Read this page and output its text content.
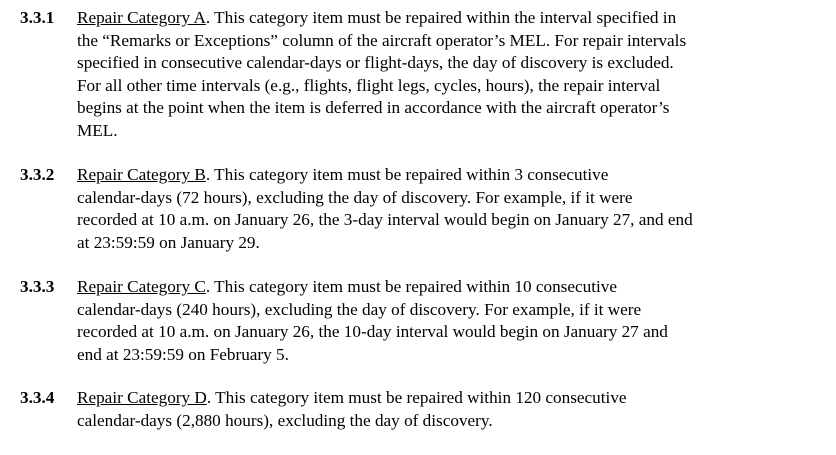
3.3.1 Repair Category A. This category item must be repaired within the interval specified in
the “Remarks or Exceptions” column of the aircraft operator’s MEL. For repair intervals
specified in consecutive calendar-days or flight-days, the day of discovery is excluded.
For all other time intervals (e.g., flights, flight legs, cycles, hours), the repair interval
begins at the point when the item is deferred in accordance with the aircraft operator’s
MEL.
3.3.2 Repair Category B. This category item must be repaired within 3 consecutive
calendar-days (72 hours), excluding the day of discovery. For example, if it were
recorded at 10 a.m. on January 26, the 3-day interval would begin on January 27, and end
at 23:59:59 on January 29.
3.3.3 Repair Category C. This category item must be repaired within 10 consecutive
calendar-days (240 hours), excluding the day of discovery. For example, if it were
recorded at 10 a.m. on January 26, the 10-day interval would begin on January 27 and
end at 23:59:59 on February 5.
3.3.4 Repair Category D. This category item must be repaired within 120 consecutive
calendar-days (2,880 hours), excluding the day of discovery.
